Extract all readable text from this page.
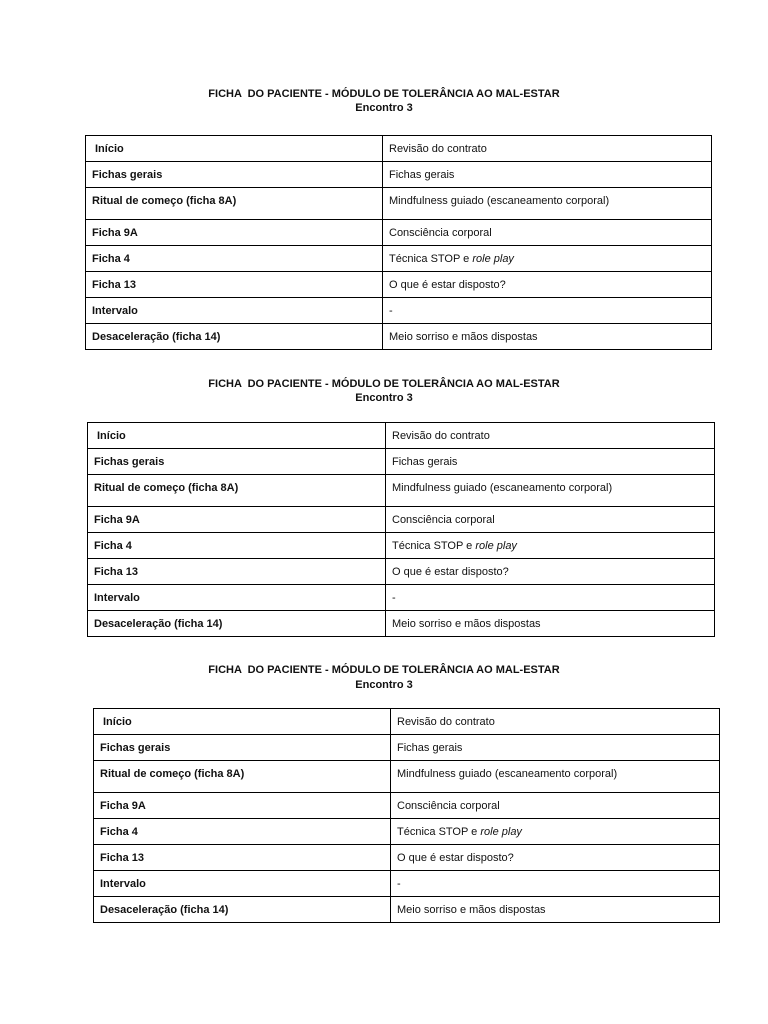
FICHA  DO PACIENTE - MÓDULO DE TOLERÂNCIA AO MAL-ESTAR
Encontro 3
Início	Revisão do contrato
Fichas gerais	Fichas gerais
Ritual de começo (ficha 8A)	Mindfulness guiado (escaneamento corporal)
Ficha 9A	Consciência corporal
Ficha 4	Técnica STOP e role play
Ficha 13	O que é estar disposto?
Intervalo	-
Desaceleração (ficha 14)	Meio sorriso e mãos dispostas
FICHA  DO PACIENTE - MÓDULO DE TOLERÂNCIA AO MAL-ESTAR
Encontro 3
Início	Revisão do contrato
Fichas gerais	Fichas gerais
Ritual de começo (ficha 8A)	Mindfulness guiado (escaneamento corporal)
Ficha 9A	Consciência corporal
Ficha 4	Técnica STOP e role play
Ficha 13	O que é estar disposto?
Intervalo	-
Desaceleração (ficha 14)	Meio sorriso e mãos dispostas
FICHA  DO PACIENTE - MÓDULO DE TOLERÂNCIA AO MAL-ESTAR
Encontro 3
Início	Revisão do contrato
Fichas gerais	Fichas gerais
Ritual de começo (ficha 8A)	Mindfulness guiado (escaneamento corporal)
Ficha 9A	Consciência corporal
Ficha 4	Técnica STOP e role play
Ficha 13	O que é estar disposto?
Intervalo	-
Desaceleração (ficha 14)	Meio sorriso e mãos dispostas
